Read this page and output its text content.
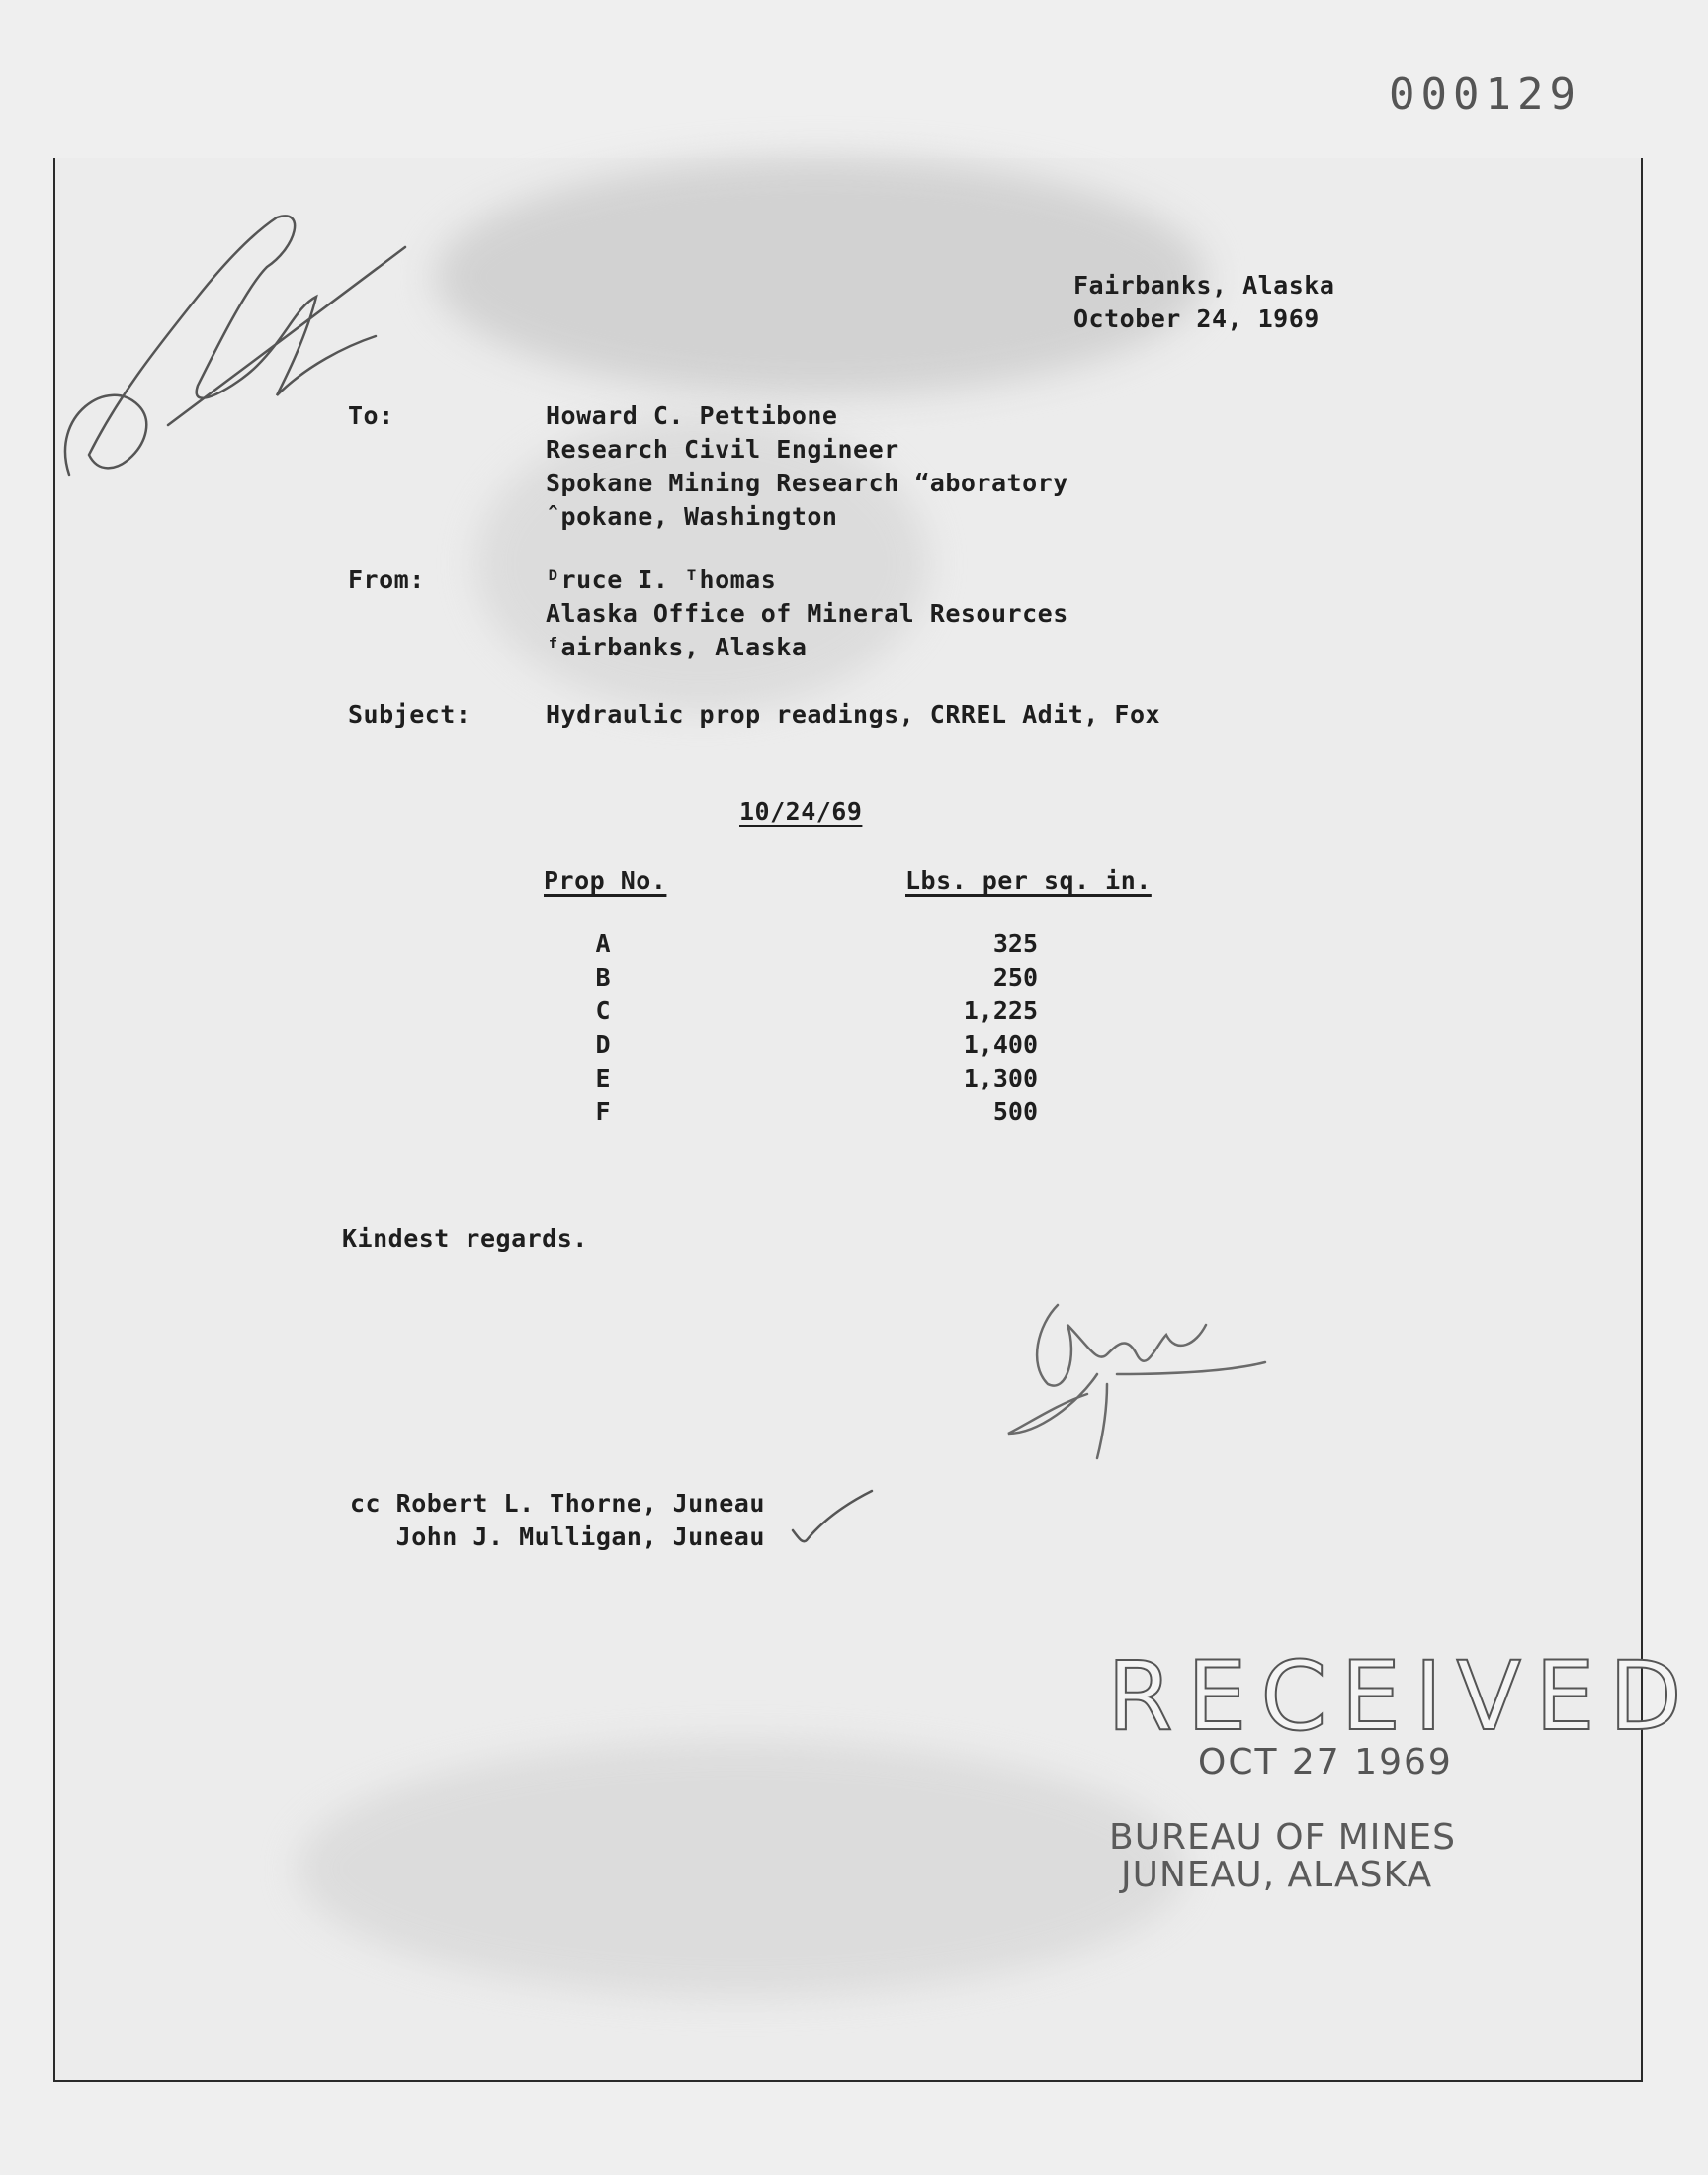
000129
Fairbanks, Alaska
October 24, 1969
To:	Howard C. Pettibone
Research Civil Engineer
Spokane Mining Research “aboratory
ˆpokane, Washington
From:	ᴰruce I. ᵀhomas
Alaska Office of Mineral Resources
ᶠairbanks, Alaska
Subject:	Hydraulic prop readings, CRREL Adit, Fox
10/24/69
Prop No.	Lbs. per sq. in.
A	325
B	250
C	1,225
D	1,400
E	1,300
F	500
Kindest regards.
cc Robert L. Thorne, Juneau
John J. Mulligan, Juneau
RECEIVED
OCT 27 1969
BUREAU OF MINES
JUNEAU, ALASKA
